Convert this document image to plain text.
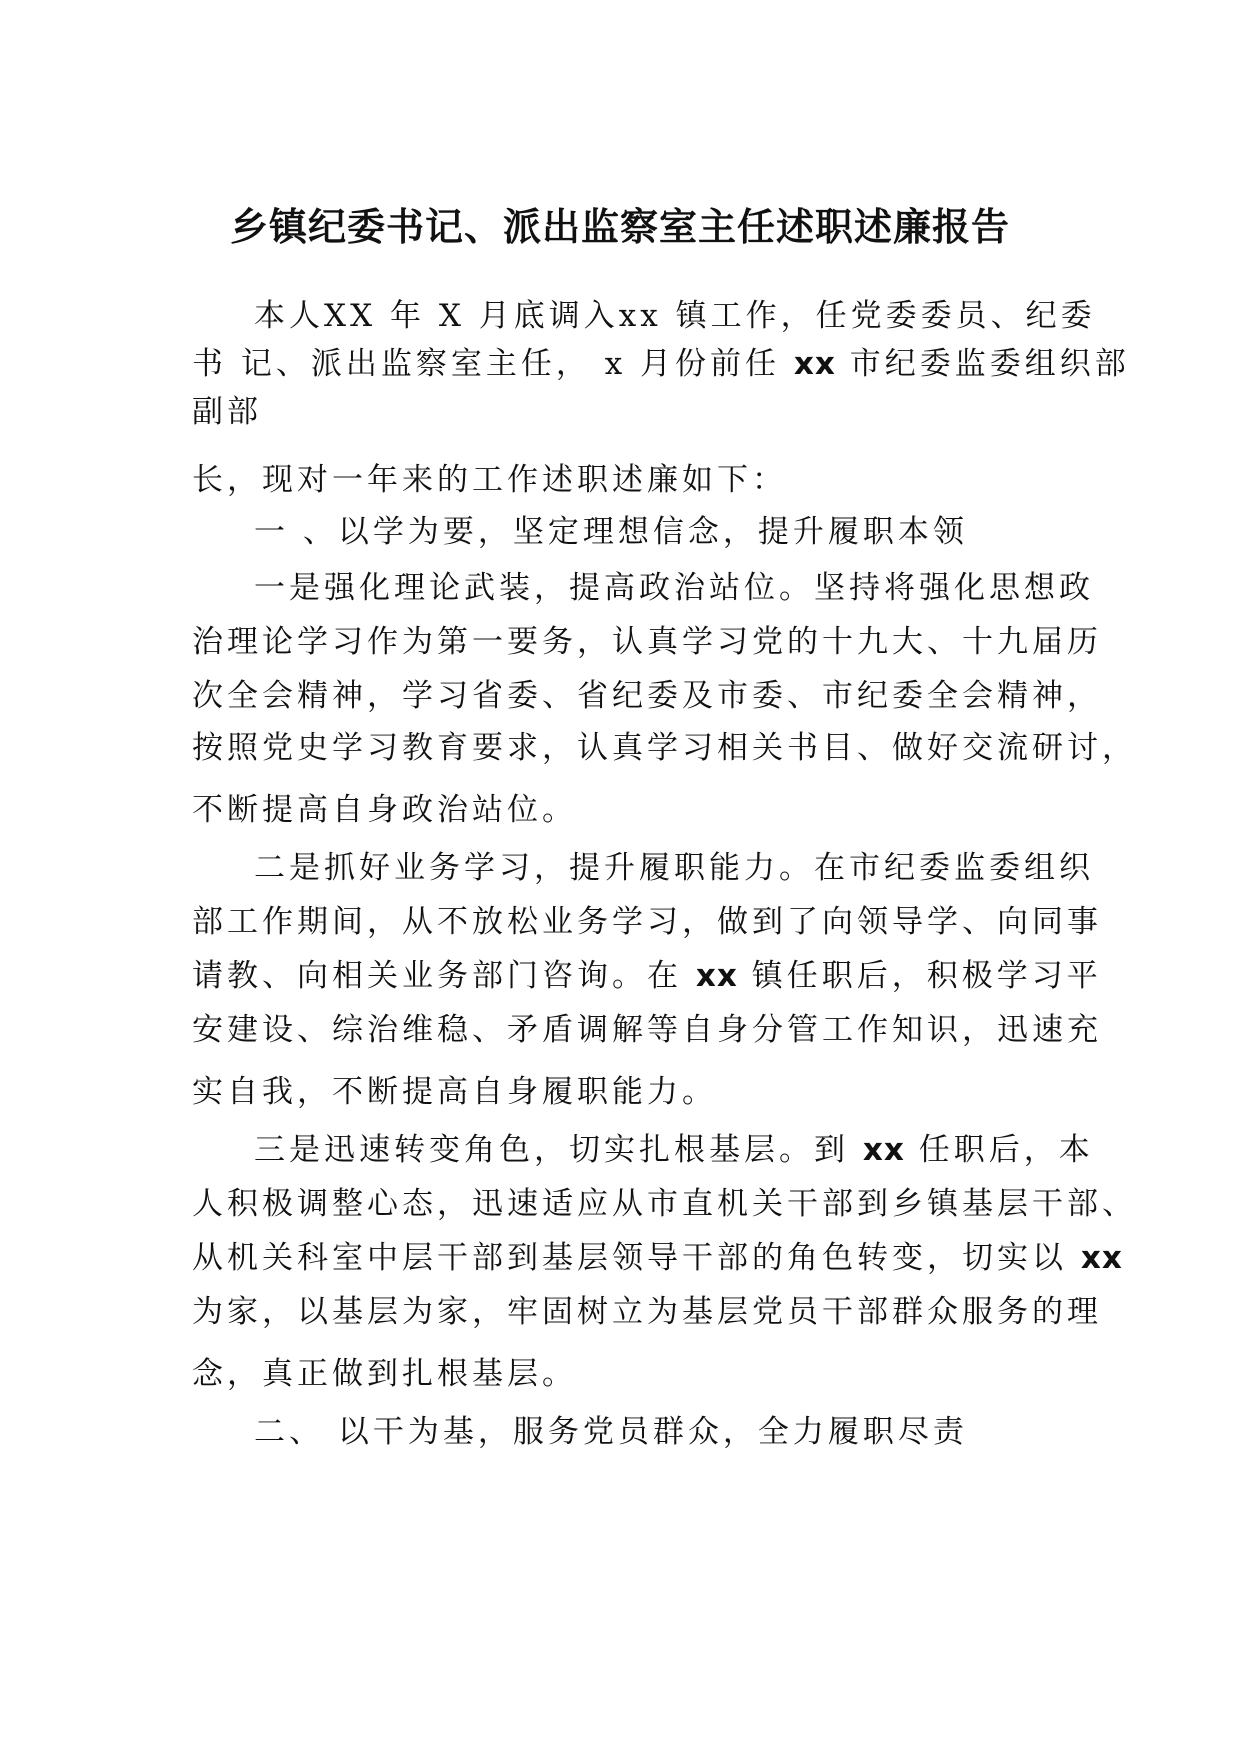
乡镇纪委书记、派出监察室主任述职述廉报告
本人XX 年 X 月底调入xx 镇工作，任党委委员、纪委
书 记、派出监察室主任， x 月份前任 xx 市纪委监委组织部
副部
长，现对一年来的工作述职述廉如下：
一 、以学为要，坚定理想信念，提升履职本领
一是强化理论武装，提高政治站位。坚持将强化思想政
治理论学习作为第一要务，认真学习党的十九大、十九届历
次全会精神，学习省委、省纪委及市委、市纪委全会精神，
按照党史学习教育要求，认真学习相关书目、做好交流研讨，
不断提高自身政治站位。
二是抓好业务学习，提升履职能力。在市纪委监委组织
部工作期间，从不放松业务学习，做到了向领导学、向同事
请教、向相关业务部门咨询。在 xx 镇任职后，积极学习平
安建设、综治维稳、矛盾调解等自身分管工作知识，迅速充
实自我，不断提高自身履职能力。
三是迅速转变角色，切实扎根基层。到 xx 任职后，本
人积极调整心态，迅速适应从市直机关干部到乡镇基层干部、
从机关科室中层干部到基层领导干部的角色转变，切实以 xx
为家，以基层为家，牢固树立为基层党员干部群众服务的理
念，真正做到扎根基层。
二、 以干为基，服务党员群众，全力履职尽责
